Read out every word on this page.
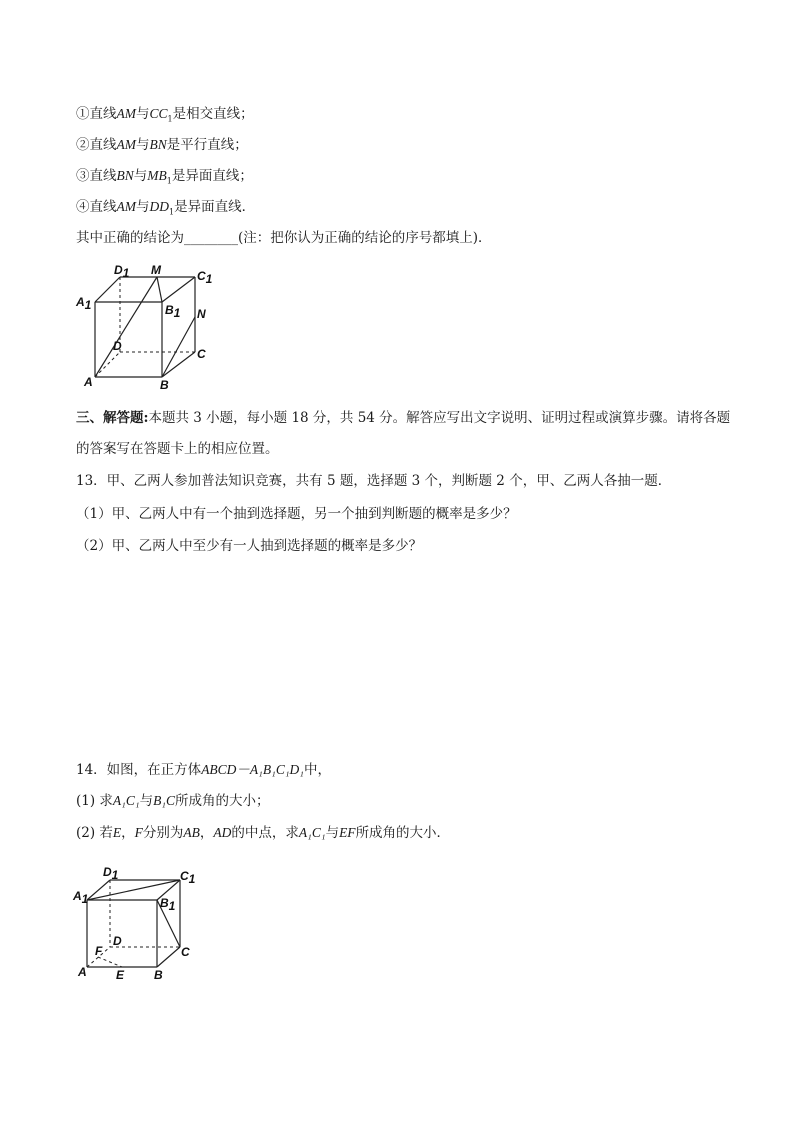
①直线AM与$CC_1$是相交直线；
②直线AM与BN是平行直线；
③直线BN与$MB_1$是异面直线；
④直线AM与$DD_1$是异面直线．
其中正确的结论为________(注：把你认为正确的结论的序号都填上)．
D1 M	C1
A1	B1 N
D
C
A	B
三、解答题:本题共 3 小题，每小题 18 分，共 54 分。解答应写出文字说明、证明过程或演算步骤。请将各题
的答案写在答题卡上的相应位置。
13．甲、乙两人参加普法知识竞赛，共有 5 题，选择题 3 个，判断题 2 个，甲、乙两人各抽一题．
（1）甲、乙两人中有一个抽到选择题，另一个抽到判断题的概率是多少？
（2）甲、乙两人中至少有一人抽到选择题的概率是多少？
14．如图，在正方体ABCD－A₁B₁C₁D₁中，
(1) 求A₁C₁与B₁C所成角的大小；
(2) 若E，F分别为AB，AD的中点，求A₁C₁与EF所成角的大小．
D1	C1
A1	B1
D
F	C
A E B
